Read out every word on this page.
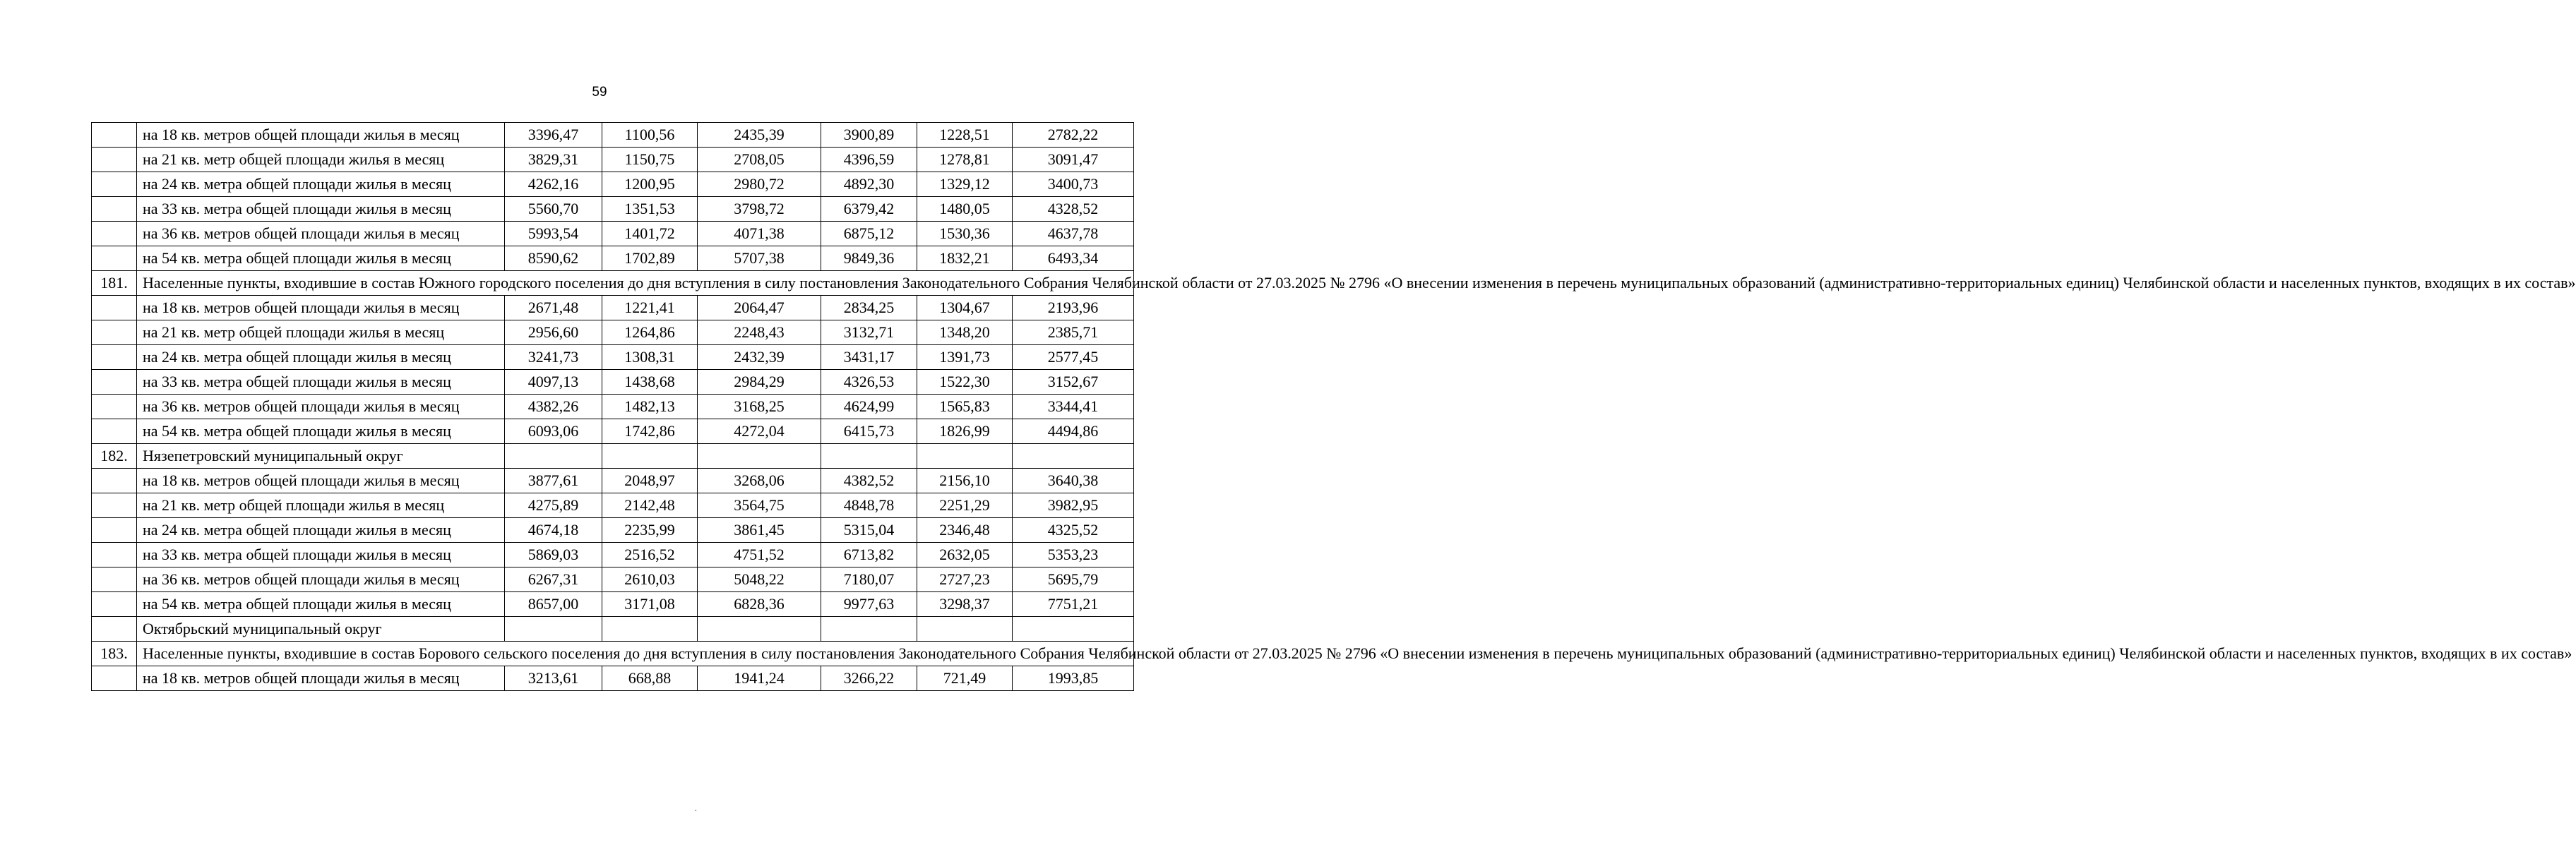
59
	на 18 кв. метров общей площади жилья в месяц	3396,47	1100,56	2435,39	3900,89	1228,51	2782,22
	на 21 кв. метр общей площади жилья в месяц	3829,31	1150,75	2708,05	4396,59	1278,81	3091,47
	на 24 кв. метра общей площади жилья в месяц	4262,16	1200,95	2980,72	4892,30	1329,12	3400,73
	на 33 кв. метра общей площади жилья в месяц	5560,70	1351,53	3798,72	6379,42	1480,05	4328,52
	на 36 кв. метров общей площади жилья в месяц	5993,54	1401,72	4071,38	6875,12	1530,36	4637,78
	на 54 кв. метра общей площади жилья в месяц	8590,62	1702,89	5707,38	9849,36	1832,21	6493,34
181.	Населенные пункты, входившие в состав Южного городского поселения до дня вступления в силу постановления Законодательного Собрания Челябинской области от 27.03.2025 № 2796 «О внесении изменения в перечень муниципальных образований (административно-территориальных единиц) Челябинской области и населенных пунктов, входящих в их состав»						
	на 18 кв. метров общей площади жилья в месяц	2671,48	1221,41	2064,47	2834,25	1304,67	2193,96
	на 21 кв. метр общей площади жилья в месяц	2956,60	1264,86	2248,43	3132,71	1348,20	2385,71
	на 24 кв. метра общей площади жилья в месяц	3241,73	1308,31	2432,39	3431,17	1391,73	2577,45
	на 33 кв. метра общей площади жилья в месяц	4097,13	1438,68	2984,29	4326,53	1522,30	3152,67
	на 36 кв. метров общей площади жилья в месяц	4382,26	1482,13	3168,25	4624,99	1565,83	3344,41
	на 54 кв. метра общей площади жилья в месяц	6093,06	1742,86	4272,04	6415,73	1826,99	4494,86
182.	Нязепетровский муниципальный округ						
	на 18 кв. метров общей площади жилья в месяц	3877,61	2048,97	3268,06	4382,52	2156,10	3640,38
	на 21 кв. метр общей площади жилья в месяц	4275,89	2142,48	3564,75	4848,78	2251,29	3982,95
	на 24 кв. метра общей площади жилья в месяц	4674,18	2235,99	3861,45	5315,04	2346,48	4325,52
	на 33 кв. метра общей площади жилья в месяц	5869,03	2516,52	4751,52	6713,82	2632,05	5353,23
	на 36 кв. метров общей площади жилья в месяц	6267,31	2610,03	5048,22	7180,07	2727,23	5695,79
	на 54 кв. метра общей площади жилья в месяц	8657,00	3171,08	6828,36	9977,63	3298,37	7751,21
	Октябрьский муниципальный округ						
183.	Населенные пункты, входившие в состав Борового сельского поселения до дня вступления в силу постановления Законодательного Собрания Челябинской области от 27.03.2025 № 2796 «О внесении изменения в перечень муниципальных образований (административно-территориальных единиц) Челябинской области и населенных пунктов, входящих в их состав»						
	на 18 кв. метров общей площади жилья в месяц	3213,61	668,88	1941,24	3266,22	721,49	1993,85
·
